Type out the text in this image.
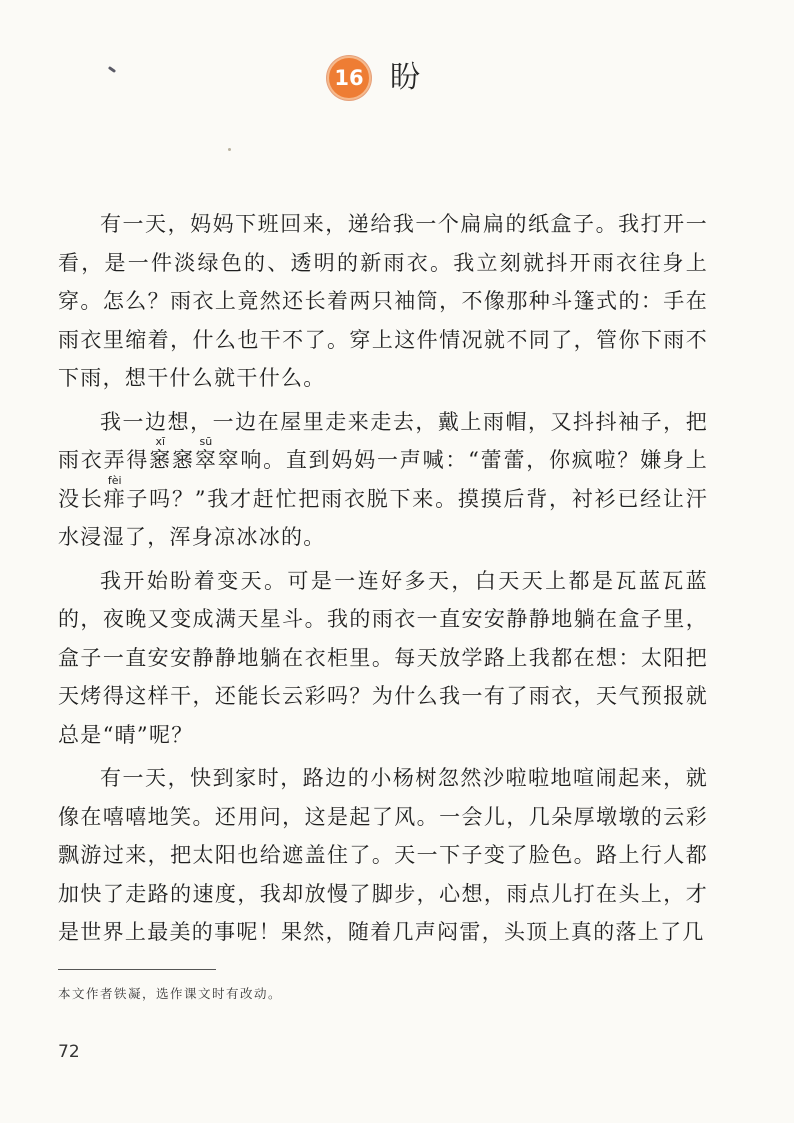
16 盼

有一天，妈妈下班回来，递给我一个扁扁的纸盒子。我打开一看，是一件淡绿色的、透明的新雨衣。我立刻就抖开雨衣往身上穿。怎么？雨衣上竟然还长着两只袖筒，不像那种斗篷式的：手在雨衣里缩着，什么也干不了。穿上这件情况就不同了，管你下雨不下雨，想干什么就干什么。

我一边想，一边在屋里走来走去，戴上雨帽，又抖抖袖子，把雨衣弄得窸xī窸窣sū窣响。直到妈妈一声喊：“蕾蕾，你疯啦？嫌身上没长痱fèi子吗？”我才赶忙把雨衣脱下来。摸摸后背，衬衫已经让汗水浸湿了，浑身凉冰冰的。

我开始盼着变天。可是一连好多天，白天天上都是瓦蓝瓦蓝的，夜晚又变成满天星斗。我的雨衣一直安安静静地躺在盒子里，盒子一直安安静静地躺在衣柜里。每天放学路上我都在想：太阳把天烤得这样干，还能长云彩吗？为什么我一有了雨衣，天气预报就总是“晴”呢？

有一天，快到家时，路边的小杨树忽然沙啦啦地喧闹起来，就像在嘻嘻地笑。还用问，这是起了风。一会儿，几朵厚墩墩的云彩飘游过来，把太阳也给遮盖住了。天一下子变了脸色。路上行人都加快了走路的速度，我却放慢了脚步，心想，雨点儿打在头上，才是世界上最美的事呢！果然，随着几声闷雷，头顶上真的落上了几

本文作者铁凝，选作课文时有改动。
72
